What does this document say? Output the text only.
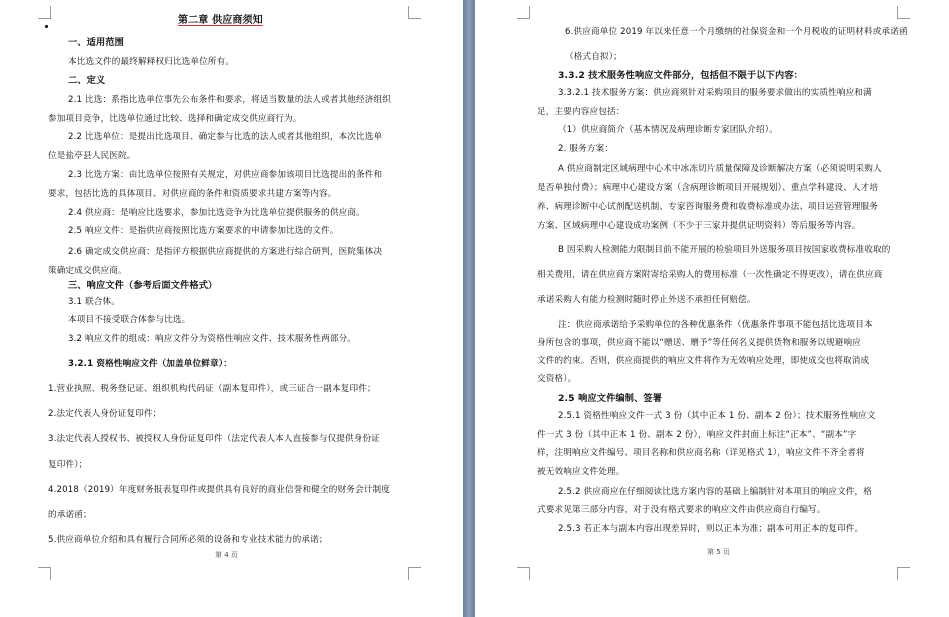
第二章 供应商须知
一、适用范围
本比选文件的最终解释权归比选单位所有。
二、定义
2.1 比选：系指比选单位事先公布条件和要求，将适当数量的法人或者其他经济组织
参加项目竞争，比选单位通过比较、选择和确定成交供应商行为。
2.2 比选单位：是提出比选项目、确定参与比选的法人或者其他组织，本次比选单
位是盐亭县人民医院。
2.3 比选方案：由比选单位按照有关规定，对供应商参加该项目比选提出的条件和
要求，包括比选的具体项目、对供应商的条件和资质要求共建方案等内容。
2.4 供应商：是响应比选要求，参加比选竞争为比选单位提供服务的供应商。
2.5 响应文件：是指供应商按照比选方案要求的申请参加比选的文件。
2.6 确定成交供应商：是指评方根据供应商提供的方案进行综合研判，医院集体决
策确定成交供应商。
三、响应文件（参考后面文件格式）
3.1 联合体。
本项目不接受联合体参与比选。
3.2 响应文件的组成：响应文件分为资格性响应文件、技术服务性两部分。
3.2.1 资格性响应文件（加盖单位鲜章）：
1.营业执照、税务登记证、组织机构代码证（副本复印件），或三证合一副本复印件；
2.法定代表人身份证复印件；
3.法定代表人授权书、被授权人身份证复印件（法定代表人本人直接参与仅提供身份证
复印件）；
4.2018（2019）年度财务报表复印件或提供具有良好的商业信誉和健全的财务会计制度
的承诺函；
5.供应商单位介绍和具有履行合同所必须的设备和专业技术能力的承诺；
第 4 页
6.供应商单位 2019 年以来任意一个月缴纳的社保资金和一个月税收的证明材料或承诺函
（格式自拟）；
3.3.2 技术服务性响应文件部分，包括但不限于以下内容：
3.3.2.1 技术服务方案：供应商须针对采购项目的服务要求做出的实质性响应和满
足，主要内容应包括：
（1）供应商简介（基本情况及病理诊断专家团队介绍）。
2. 服务方案：
A 供应商制定区域病理中心术中冰冻切片质量保障及诊断解决方案（必须说明采购人
是否单独付费）；病理中心建设方案（含病理诊断项目开展规划）、重点学科建设、人才培
养、病理诊断中心试剂配送机制、专家咨询服务费和收费标准或办法、项目运营管理服务
方案、区域病理中心建设成功案例（不少于三家并提供证明资料）等后服务等内容。
B 因采购人检测能力限制目前不能开展的检验项目外送服务项目按国家收费标准收取的
相关费用，请在供应商方案附寄给采购人的费用标准（一次性确定不得更改），请在供应商
承诺采购人有能力检测时随时停止外送不承担任何赔偿。
注：供应商承诺给予采购单位的各种优惠条件（优惠条件事项不能包括比选项目本
身所包含的事项，供应商不能以“赠送、赠予”等任何名义提供货物和服务以规避响应
文件的约束。否则，供应商提供的响应文件将作为无效响应处理，即使成交也将取消成
交资格）。
2.5 响应文件编制、签署
2.5.1 资格性响应文件一式 3 份（其中正本 1 份、副本 2 份）；技术服务性响应文
件一式 3 份（其中正本 1 份、副本 2 份），响应文件封面上标注“正本”、“副本”字
样，注明响应文件编号、项目名称和供应商名称（详见格式 1），响应文件不齐全者将
被无效响应文件处理。
2.5.2 供应商应在仔细阅读比选方案内容的基础上编制针对本项目的响应文件，格
式要求见第三部分内容，对于没有格式要求的响应文件由供应商自行编写。
2.5.3 若正本与副本内容出现差异时，则以正本为准；副本可用正本的复印件。
第 5 页
